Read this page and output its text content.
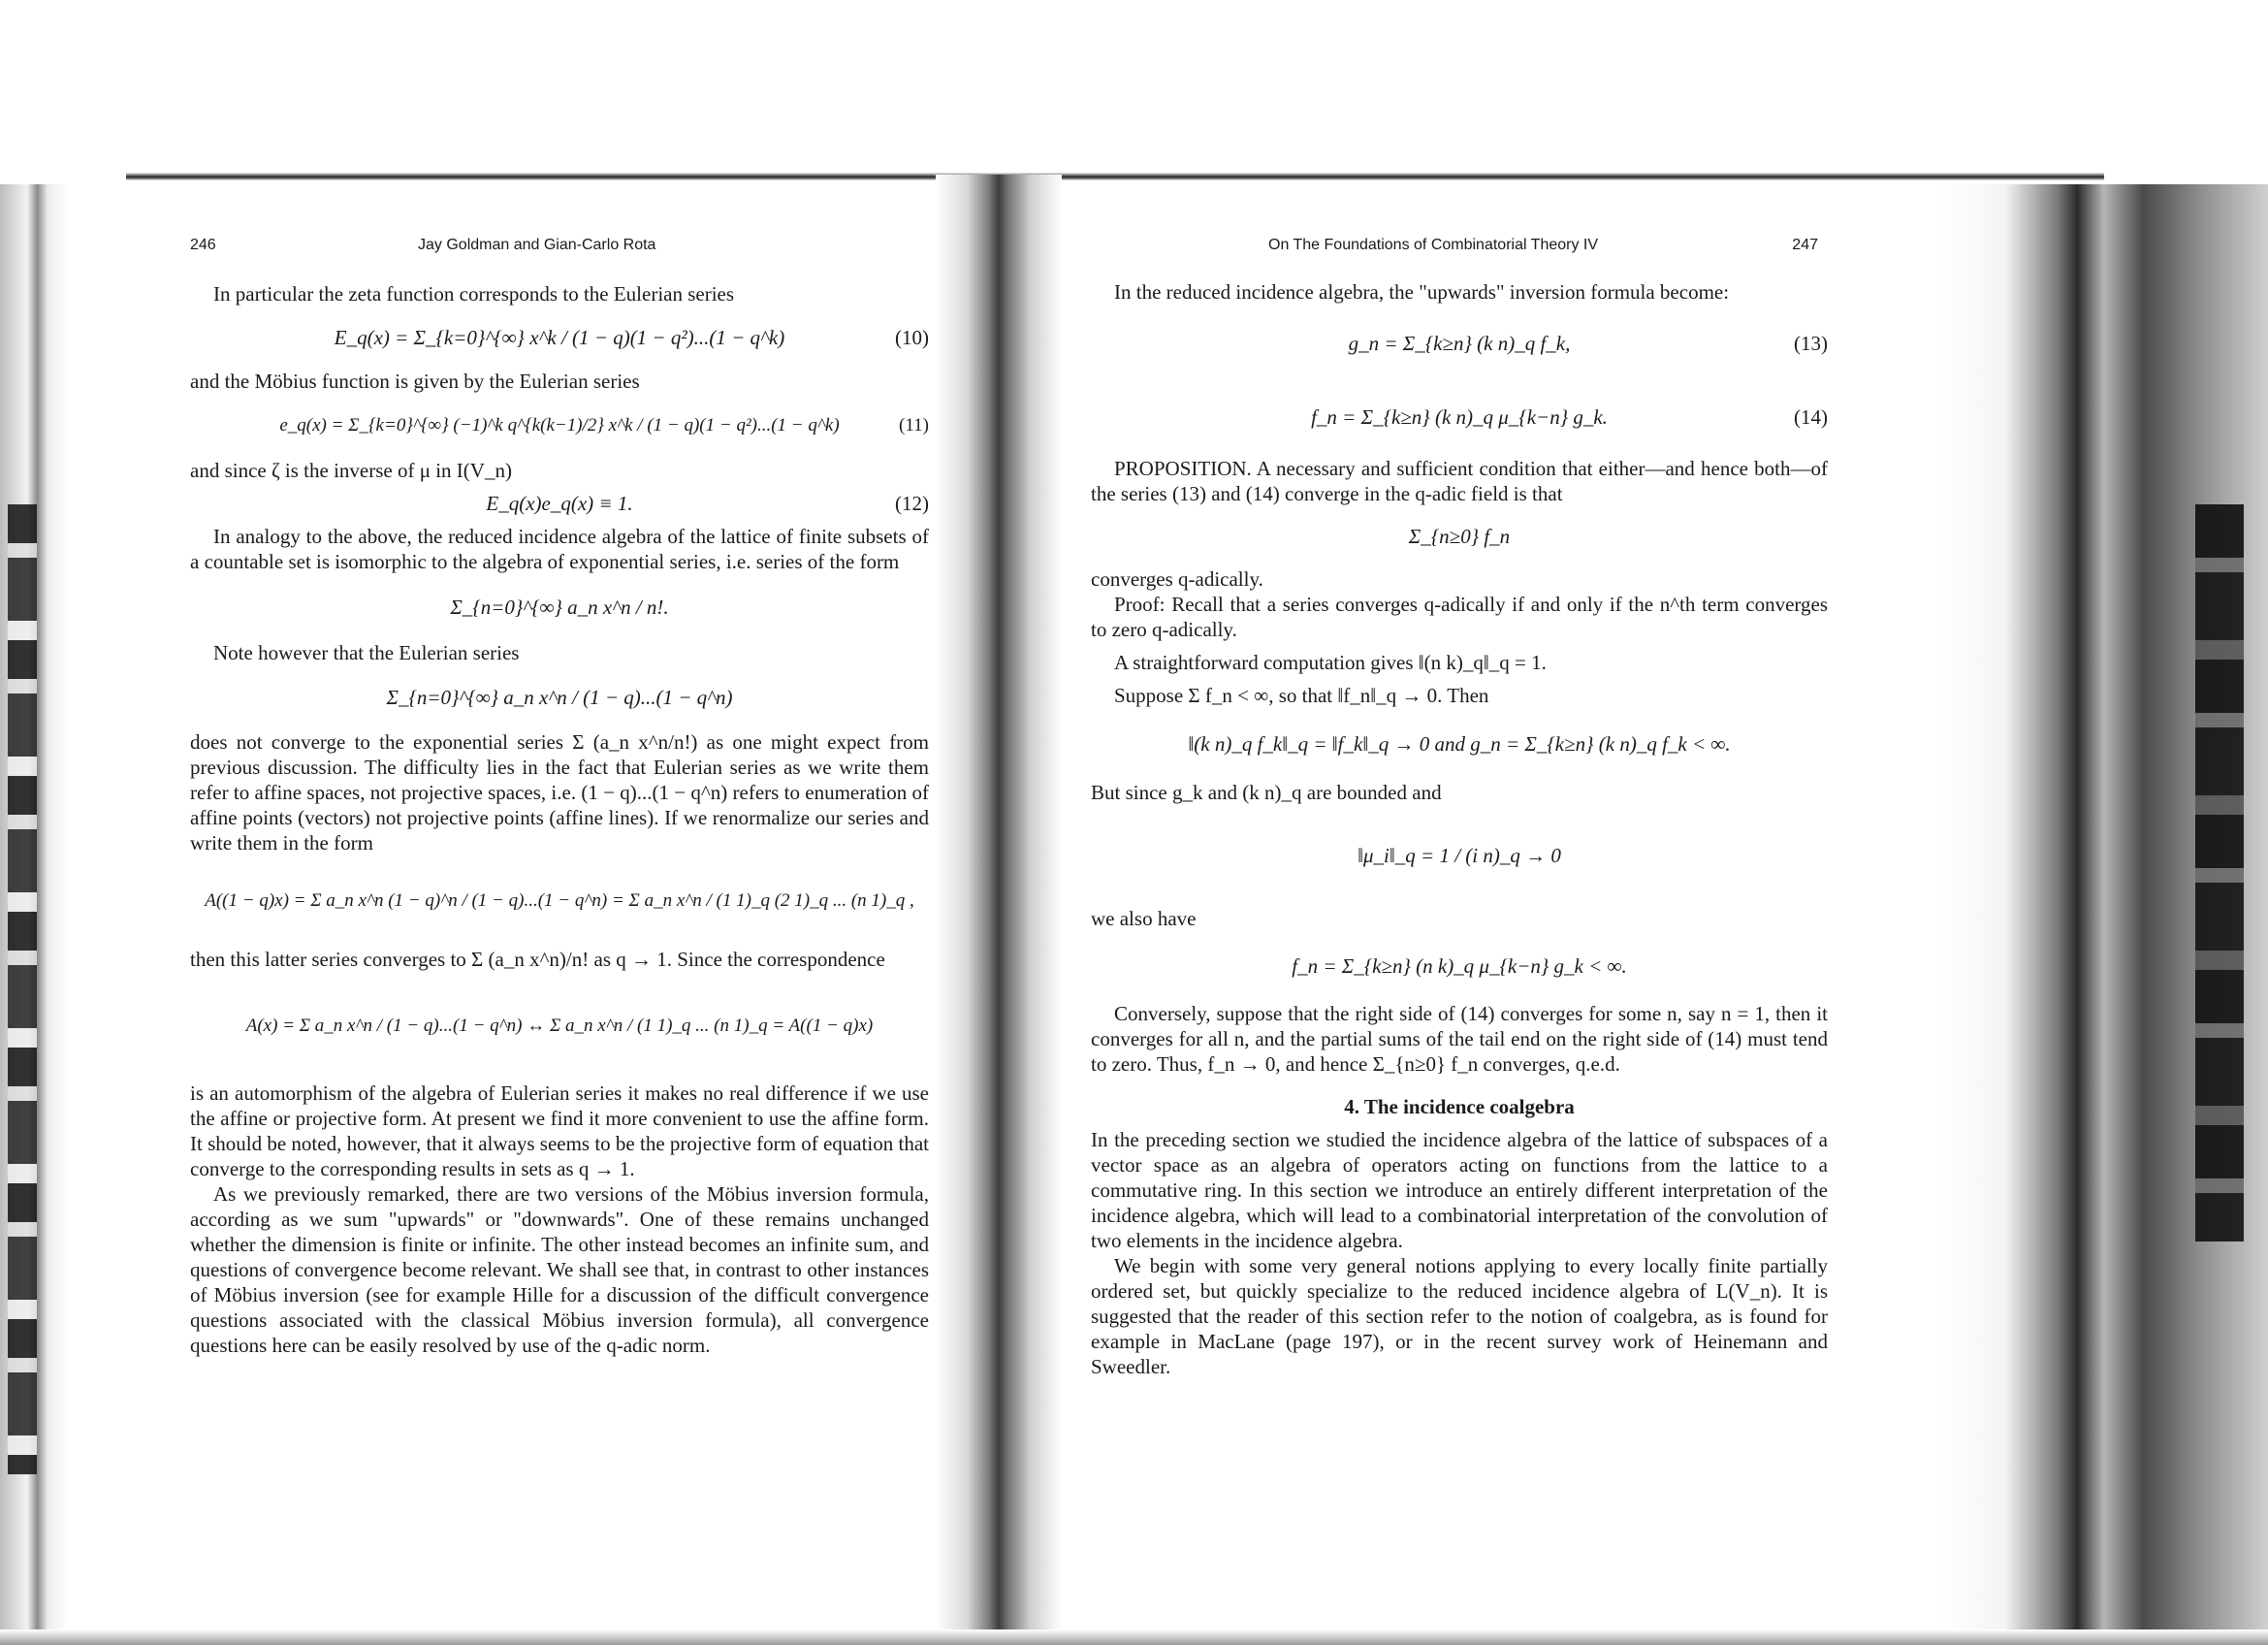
246	Jay Goldman and Gian-Carlo Rota

In particular the zeta function corresponds to the Eulerian series

E_q(x) = Σ_{k=0}^{∞} x^k / (1 − q)(1 − q²)...(1 − q^k)	(10)

and the Möbius function is given by the Eulerian series

e_q(x) = Σ_{k=0}^{∞} (−1)^k q^{k(k−1)/2} x^k / (1 − q)(1 − q²)...(1 − q^k)	(11)

and since ζ is the inverse of μ in I(V_n)

E_q(x)e_q(x) ≡ 1.	(12)

In analogy to the above, the reduced incidence algebra of the lattice of finite subsets of a countable set is isomorphic to the algebra of exponential series, i.e. series of the form

Σ_{n=0}^{∞} a_n x^n / n!.

Note however that the Eulerian series

Σ_{n=0}^{∞} a_n x^n / (1 − q)...(1 − q^n)

does not converge to the exponential series Σ (a_n x^n/n!) as one might expect from previous discussion. The difficulty lies in the fact that Eulerian series as we write them refer to affine spaces, not projective spaces, i.e. (1 − q)...(1 − q^n) refers to enumeration of affine points (vectors) not projective points (affine lines). If we renormalize our series and write them in the form

A((1 − q)x) = Σ a_n x^n (1 − q)^n / (1 − q)...(1 − q^n) = Σ a_n x^n / (1 1)_q (2 1)_q ... (n 1)_q ,

then this latter series converges to Σ (a_n x^n)/n! as q → 1. Since the correspondence

A(x) = Σ a_n x^n / (1 − q)...(1 − q^n) ↔ Σ a_n x^n / (1 1)_q ... (n 1)_q = A((1 − q)x)

is an automorphism of the algebra of Eulerian series it makes no real difference if we use the affine or projective form. At present we find it more convenient to use the affine form. It should be noted, however, that it always seems to be the projective form of equation that converge to the corresponding results in sets as q → 1.

As we previously remarked, there are two versions of the Möbius inversion formula, according as we sum "upwards" or "downwards". One of these remains unchanged whether the dimension is finite or infinite. The other instead becomes an infinite sum, and questions of convergence become relevant. We shall see that, in contrast to other instances of Möbius inversion (see for example Hille for a discussion of the difficult convergence questions associated with the classical Möbius inversion formula), all convergence questions here can be easily resolved by use of the q-adic norm.

On The Foundations of Combinatorial Theory IV	247

In the reduced incidence algebra, the "upwards" inversion formula become:

g_n = Σ_{k≥n} (k n)_q f_k,	(13)
f_n = Σ_{k≥n} (k n)_q μ_{k−n} g_k.	(14)

PROPOSITION. A necessary and sufficient condition that either—and hence both—of the series (13) and (14) converge in the q-adic field is that

Σ_{n≥0} f_n

converges q-adically.

Proof: Recall that a series converges q-adically if and only if the n^th term converges to zero q-adically.

A straightforward computation gives ‖(n k)_q‖_q = 1.

Suppose Σ f_n < ∞, so that ‖f_n‖_q → 0. Then

‖(k n)_q f_k‖_q = ‖f_k‖_q → 0 and g_n = Σ_{k≥n} (k n)_q f_k < ∞.

But since g_k and (k n)_q are bounded and

‖μ_i‖_q = 1 / (i n)_q → 0

we also have

f_n = Σ_{k≥n} (n k)_q μ_{k−n} g_k < ∞.

Conversely, suppose that the right side of (14) converges for some n, say n = 1, then it converges for all n, and the partial sums of the tail end on the right side of (14) must tend to zero. Thus, f_n → 0, and hence Σ_{n≥0} f_n converges, q.e.d.

4. The incidence coalgebra

In the preceding section we studied the incidence algebra of the lattice of subspaces of a vector space as an algebra of operators acting on functions from the lattice to a commutative ring. In this section we introduce an entirely different interpretation of the incidence algebra, which will lead to a combinatorial interpretation of the convolution of two elements in the incidence algebra.

We begin with some very general notions applying to every locally finite partially ordered set, but quickly specialize to the reduced incidence algebra of L(V_n). It is suggested that the reader of this section refer to the notion of coalgebra, as is found for example in MacLane (page 197), or in the recent survey work of Heinemann and Sweedler.
